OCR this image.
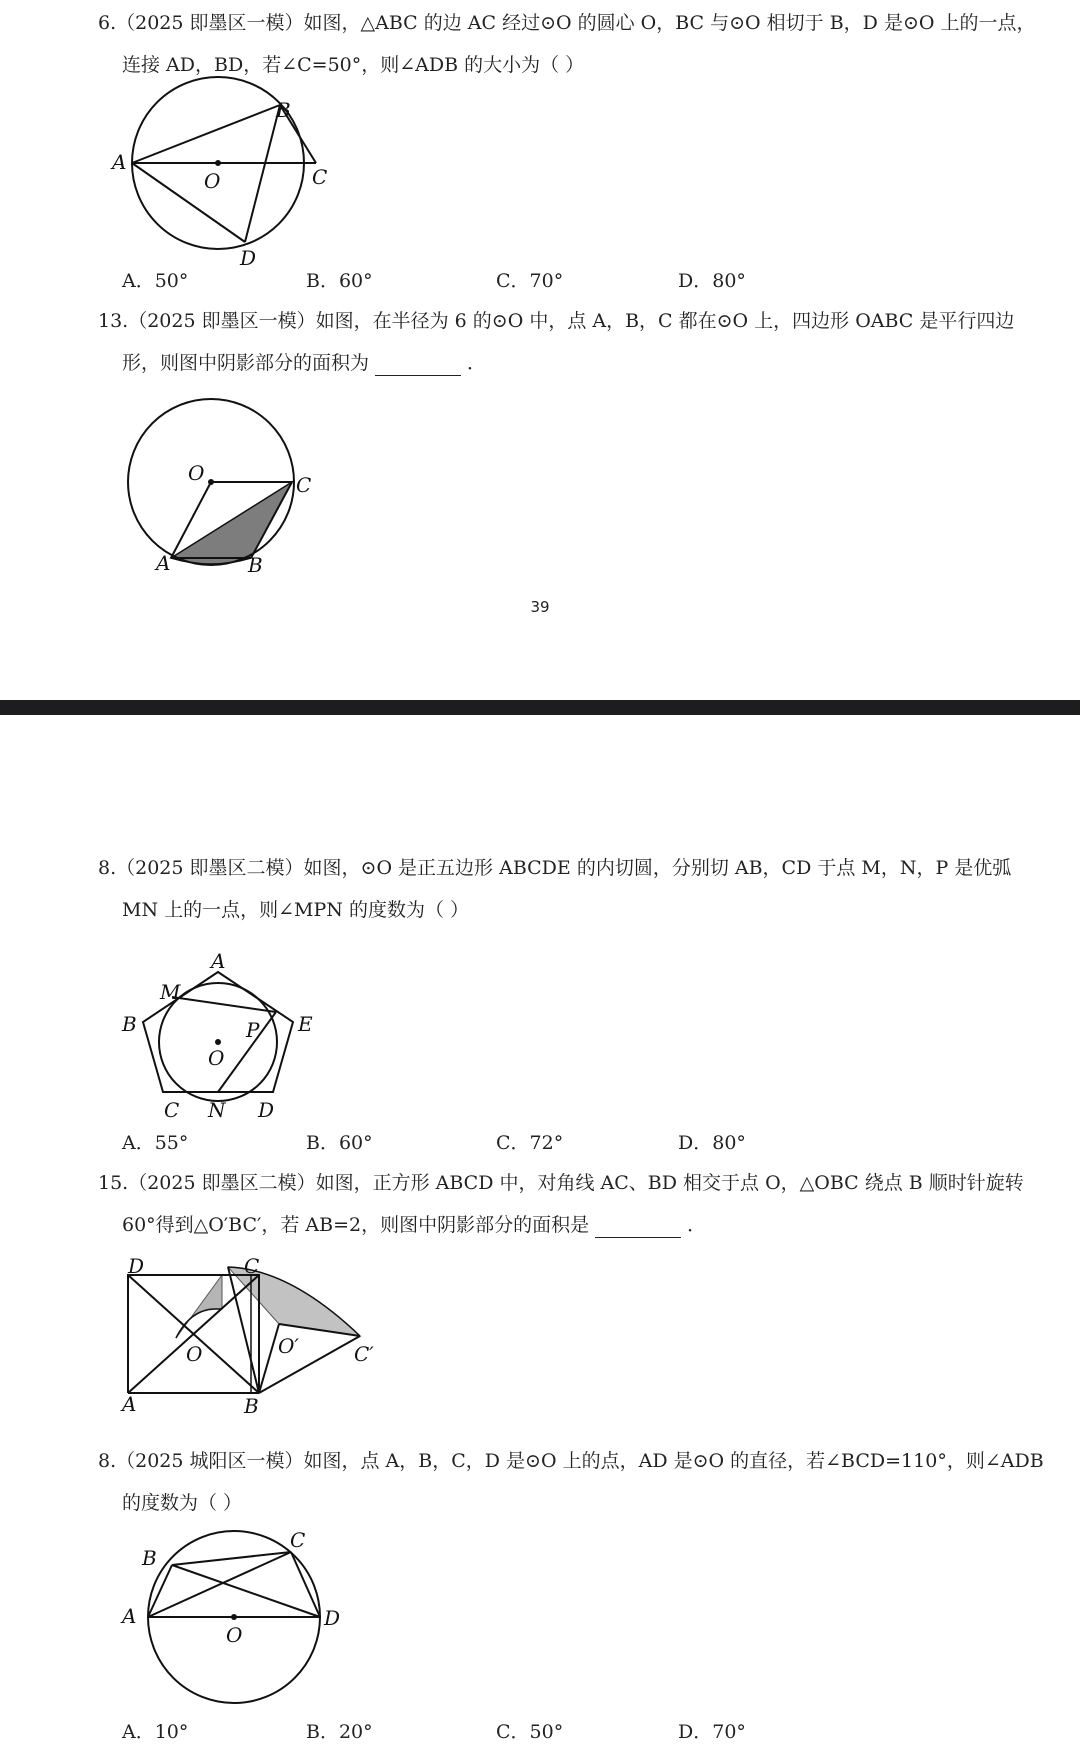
6.（2025 即墨区一模）如图，△ABC 的边 AC 经过⊙O 的圆心 O，BC 与⊙O 相切于 B，D 是⊙O 上的一点，
连接 AD，BD，若∠C=50°，则∠ADB 的大小为（ ）
A
B
C
D
O
A．50°	B．60°	C．70°	D．80°
13.（2025 即墨区一模）如图，在半径为 6 的⊙O 中，点 A，B，C 都在⊙O 上，四边形 OABC 是平行四边
形，则图中阴影部分的面积为	．
O	C
A	B
39
8.（2025 即墨区二模）如图，⊙O 是正五边形 ABCDE 的内切圆，分别切 AB，CD 于点 M，N，P 是优弧
MN 上的一点，则∠MPN 的度数为（ ）
A
M
B	E
P
O
C N D
A．55°	B．60°	C．72°	D．80°
15.（2025 即墨区二模）如图，正方形 ABCD 中，对角线 AC、BD 相交于点 O，△OBC 绕点 B 顺时针旋转
60°得到△O′BC′，若 AB=2，则图中阴影部分的面积是	．
D	C
O	O′	C′
A	B
8.（2025 城阳区一模）如图，点 A，B，C，D 是⊙O 上的点，AD 是⊙O 的直径，若∠BCD=110°，则∠ADB
的度数为（ ）
B
C
A	D
O
A．10°	B．20°	C．50°	D．70°
